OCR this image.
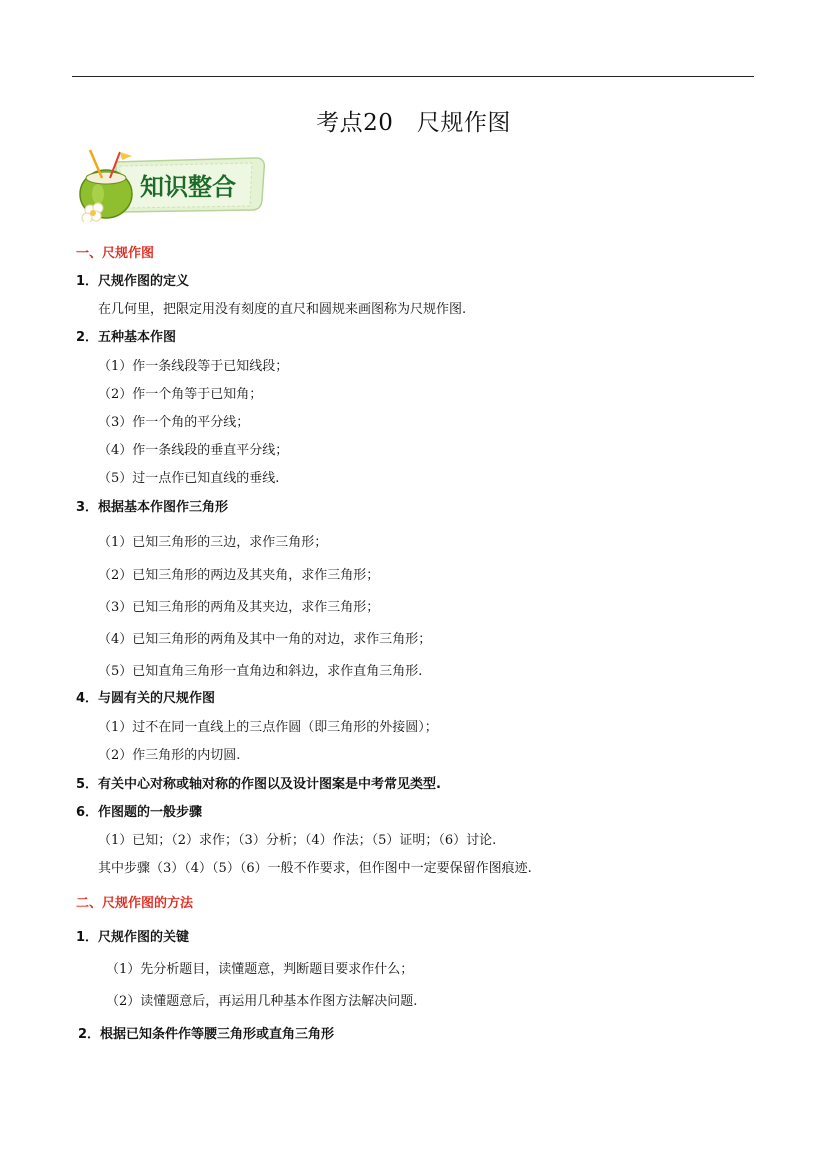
考点20　尺规作图
知识整合
一、尺规作图
1．尺规作图的定义
在几何里，把限定用没有刻度的直尺和圆规来画图称为尺规作图.
2．五种基本作图
（1）作一条线段等于已知线段；
（2）作一个角等于已知角；
（3）作一个角的平分线；
（4）作一条线段的垂直平分线；
（5）过一点作已知直线的垂线.
3．根据基本作图作三角形
（1）已知三角形的三边，求作三角形；
（2）已知三角形的两边及其夹角，求作三角形；
（3）已知三角形的两角及其夹边，求作三角形；
（4）已知三角形的两角及其中一角的对边，求作三角形；
（5）已知直角三角形一直角边和斜边，求作直角三角形.
4．与圆有关的尺规作图
（1）过不在同一直线上的三点作圆（即三角形的外接圆）；
（2）作三角形的内切圆.
5．有关中心对称或轴对称的作图以及设计图案是中考常见类型.
6．作图题的一般步骤
（1）已知；（2）求作；（3）分析；（4）作法；（5）证明；（6）讨论.
其中步骤（3）（4）（5）（6）一般不作要求，但作图中一定要保留作图痕迹.
二、尺规作图的方法
1．尺规作图的关键
（1）先分析题目，读懂题意，判断题目要求作什么；
（2）读懂题意后，再运用几种基本作图方法解决问题.
2．根据已知条件作等腰三角形或直角三角形
